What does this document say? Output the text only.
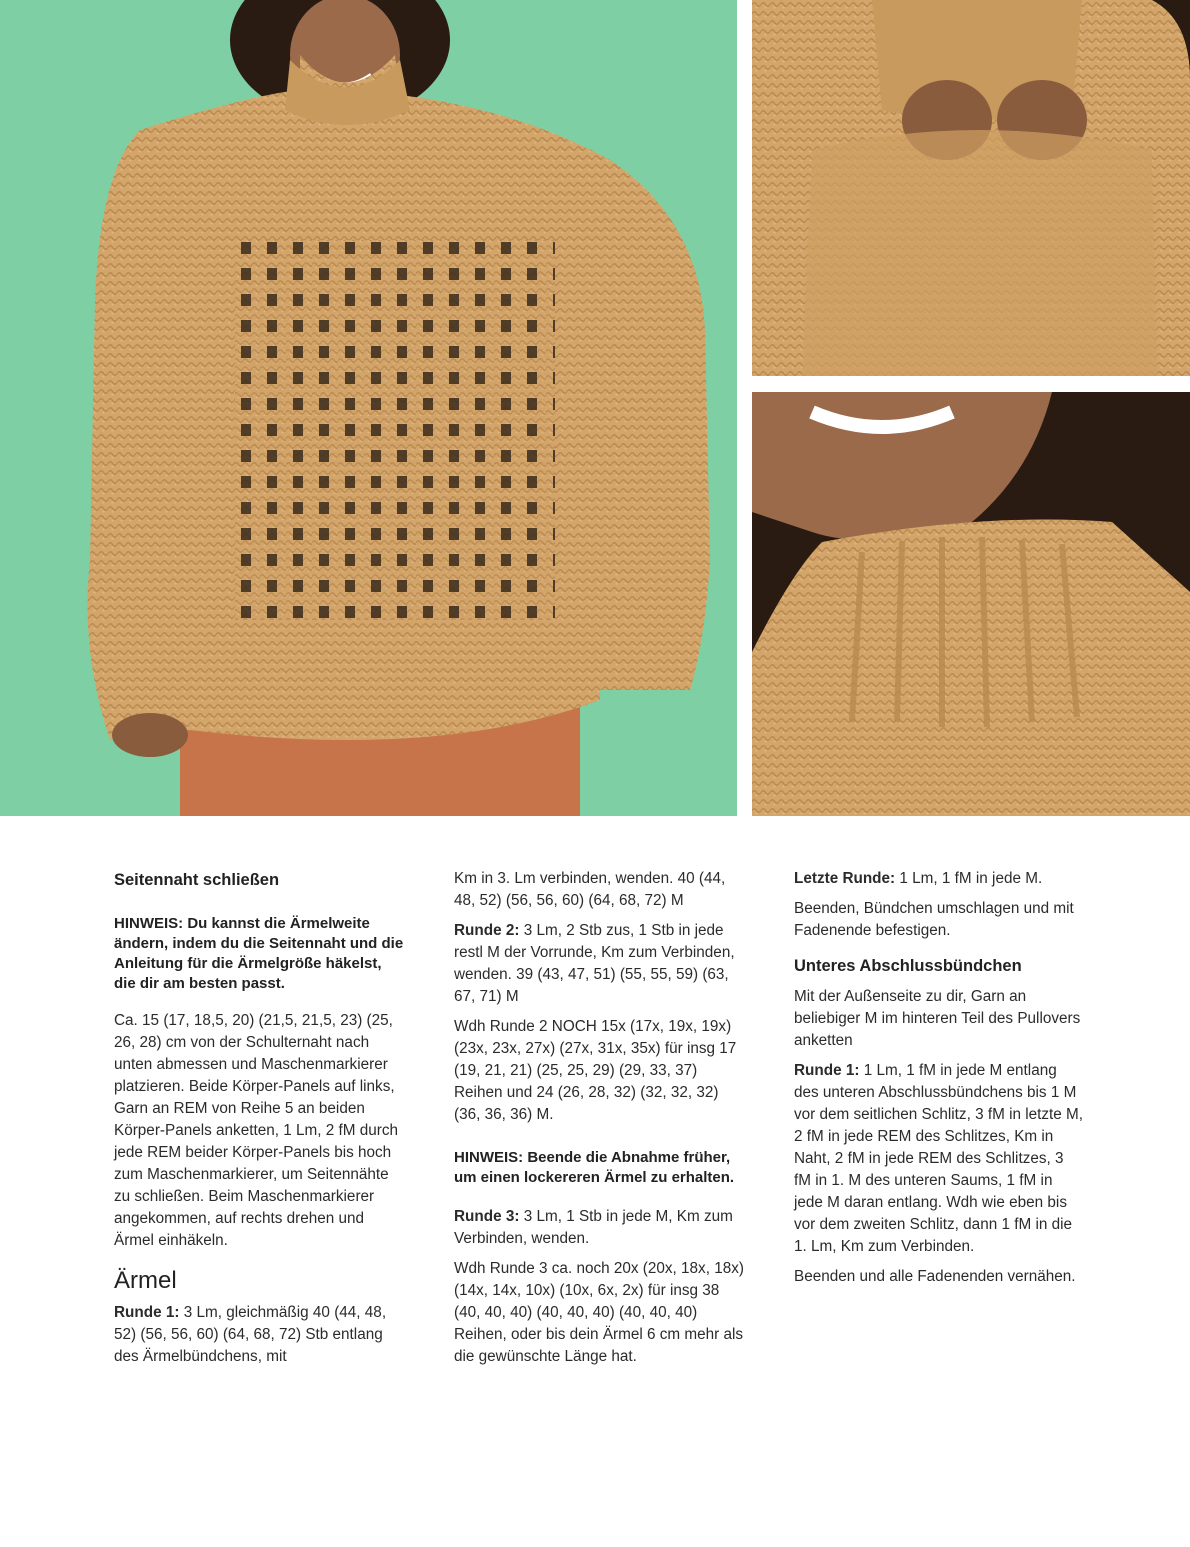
Seitennaht schließen

HINWEIS: Du kannst die Ärmelweite ändern, indem du die Seitennaht und die Anleitung für die Ärmelgröße häkelst, die dir am besten passt.

Ca. 15 (17, 18,5, 20) (21,5, 21,5, 23) (25, 26, 28) cm von der Schulternaht nach unten abmessen und Maschenmarkierer platzieren. Beide Körper-Panels auf links, Garn an REM von Reihe 5 an beiden Körper-Panels anketten, 1 Lm, 2 fM durch jede REM beider Körper-Panels bis hoch zum Maschenmarkierer, um Seitennähte zu schließen. Beim Maschenmarkierer angekommen, auf rechts drehen und Ärmel einhäkeln.

Ärmel

Runde 1: 3 Lm, gleichmäßig 40 (44, 48, 52) (56, 56, 60) (64, 68, 72) Stb entlang des Ärmelbündchens, mit

Km in 3. Lm verbinden, wenden. 40 (44, 48, 52) (56, 56, 60) (64, 68, 72) M

Runde 2: 3 Lm, 2 Stb zus, 1 Stb in jede restl M der Vorrunde, Km zum Verbinden, wenden. 39 (43, 47, 51) (55, 55, 59) (63, 67, 71) M

Wdh Runde 2 NOCH 15x (17x, 19x, 19x) (23x, 23x, 27x) (27x, 31x, 35x) für insg 17 (19, 21, 21) (25, 25, 29) (29, 33, 37) Reihen und 24 (26, 28, 32) (32, 32, 32) (36, 36, 36) M.

HINWEIS: Beende die Abnahme früher, um einen lockereren Ärmel zu erhalten.

Runde 3: 3 Lm, 1 Stb in jede M, Km zum Verbinden, wenden.

Wdh Runde 3 ca. noch 20x (20x, 18x, 18x) (14x, 14x, 10x) (10x, 6x, 2x) für insg 38 (40, 40, 40) (40, 40, 40) (40, 40, 40) Reihen, oder bis dein Ärmel 6 cm mehr als die gewünschte Länge hat.

Letzte Runde: 1 Lm, 1 fM in jede M.

Beenden, Bündchen umschlagen und mit Fadenende befestigen.

Unteres Abschlussbündchen

Mit der Außenseite zu dir, Garn an beliebiger M im hinteren Teil des Pullovers anketten

Runde 1: 1 Lm, 1 fM in jede M entlang des unteren Abschlussbündchens bis 1 M vor dem seitlichen Schlitz, 3 fM in letzte M, 2 fM in jede REM des Schlitzes, Km in Naht, 2 fM in jede REM des Schlitzes, 3 fM in 1. M des unteren Saums, 1 fM in jede M daran entlang. Wdh wie eben bis vor dem zweiten Schlitz, dann 1 fM in die 1. Lm, Km zum Verbinden.

Beenden und alle Fadenenden vernähen.
